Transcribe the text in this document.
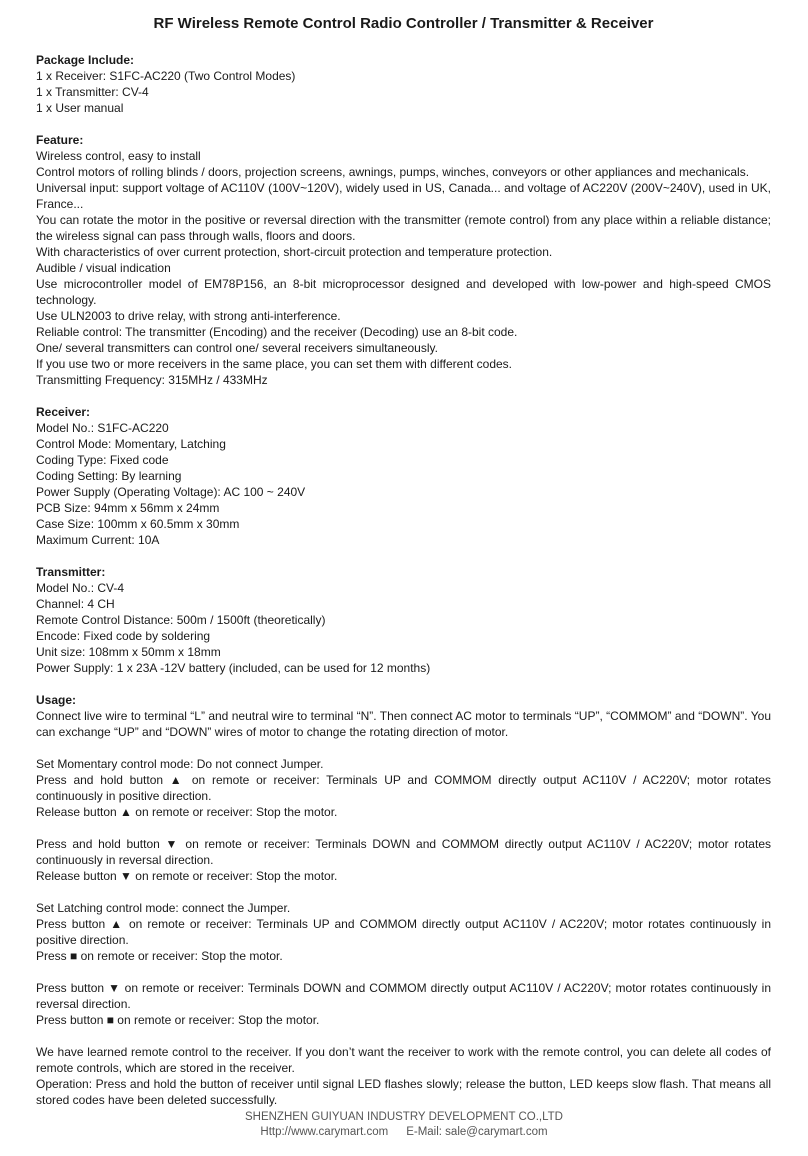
RF Wireless Remote Control Radio Controller / Transmitter & Receiver
Package Include:
1 x Receiver: S1FC-AC220 (Two Control Modes)
1 x Transmitter: CV-4
1 x User manual
Feature:
Wireless control, easy to install
Control motors of rolling blinds / doors, projection screens, awnings, pumps, winches, conveyors or other appliances and mechanicals.
Universal input: support voltage of AC110V (100V~120V), widely used in US, Canada... and voltage of AC220V (200V~240V), used in UK, France...
You can rotate the motor in the positive or reversal direction with the transmitter (remote control) from any place within a reliable distance; the wireless signal can pass through walls, floors and doors.
With characteristics of over current protection, short-circuit protection and temperature protection.
Audible / visual indication
Use microcontroller model of EM78P156, an 8-bit microprocessor designed and developed with low-power and high-speed CMOS technology.
Use ULN2003 to drive relay, with strong anti-interference.
Reliable control: The transmitter (Encoding) and the receiver (Decoding) use an 8-bit code.
One/ several transmitters can control one/ several receivers simultaneously.
If you use two or more receivers in the same place, you can set them with different codes.
Transmitting Frequency: 315MHz / 433MHz
Receiver:
Model No.: S1FC-AC220
Control Mode: Momentary, Latching
Coding Type: Fixed code
Coding Setting: By learning
Power Supply (Operating Voltage): AC 100 ~ 240V
PCB Size: 94mm x 56mm x 24mm
Case Size: 100mm x 60.5mm x 30mm
Maximum Current: 10A
Transmitter:
Model No.: CV-4
Channel: 4 CH
Remote Control Distance: 500m / 1500ft (theoretically)
Encode: Fixed code by soldering
Unit size: 108mm x 50mm x 18mm
Power Supply: 1 x 23A -12V battery (included, can be used for 12 months)
Usage:
Connect live wire to terminal “L” and neutral wire to terminal “N”. Then connect AC motor to terminals “UP”, “COMMOM” and “DOWN”. You can exchange “UP” and “DOWN” wires of motor to change the rotating direction of motor.
Set Momentary control mode: Do not connect Jumper.
Press and hold button ▲ on remote or receiver: Terminals UP and COMMOM directly output AC110V / AC220V; motor rotates continuously in positive direction.
Release button ▲ on remote or receiver: Stop the motor.
Press and hold button ▼ on remote or receiver: Terminals DOWN and COMMOM directly output AC110V / AC220V; motor rotates continuously in reversal direction.
Release button ▼ on remote or receiver: Stop the motor.
Set Latching control mode: connect the Jumper.
Press button ▲ on remote or receiver: Terminals UP and COMMOM directly output AC110V / AC220V; motor rotates continuously in positive direction.
Press ■ on remote or receiver: Stop the motor.
Press button ▼ on remote or receiver: Terminals DOWN and COMMOM directly output AC110V / AC220V; motor rotates continuously in reversal direction.
Press button ■ on remote or receiver: Stop the motor.
We have learned remote control to the receiver. If you don’t want the receiver to work with the remote control, you can delete all codes of remote controls, which are stored in the receiver.
Operation: Press and hold the button of receiver until signal LED flashes slowly; release the button, LED keeps slow flash. That means all stored codes have been deleted successfully.
SHENZHEN GUIYUAN INDUSTRY DEVELOPMENT CO.,LTD
Http://www.carymart.com E-Mail: sale@carymart.com
